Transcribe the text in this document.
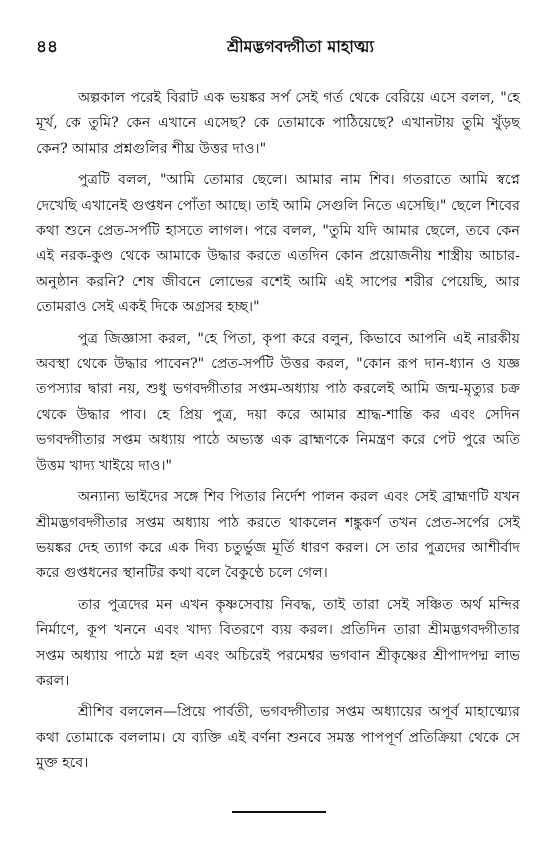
৪৪	শ্রীমদ্ভগবদ্গীতা মাহাত্ম্য

অল্পকাল পরেই বিরাট এক ভয়ঙ্কর সর্প সেই গর্ত থেকে বেরিয়ে এসে বলল, "হে মূর্খ, কে তুমি? কেন এখানে এসেছ? কে তোমাকে পাঠিয়েছে? এখানটায় তুমি খুঁড়ছ কেন? আমার প্রশ্নগুলির শীঘ্র উত্তর দাও।"

পুত্রটি বলল, "আমি তোমার ছেলে। আমার নাম শিব। গতরাতে আমি স্বপ্নে দেখেছি এখানেই গুপ্তধন পোঁতা আছে। তাই আমি সেগুলি নিতে এসেছি।" ছেলে শিবের কথা শুনে প্রেত-সর্পটি হাসতে লাগল। পরে বলল, "তুমি যদি আমার ছেলে, তবে কেন এই নরক-কুণ্ড থেকে আমাকে উদ্ধার করতে এতদিন কোন প্রয়োজনীয় শাস্ত্রীয় আচার-অনুষ্ঠান করনি? শেষ জীবনে লোভের বশেই আমি এই সাপের শরীর পেয়েছি, আর তোমরাও সেই একই দিকে অগ্রসর হচ্ছ।"

পুত্র জিজ্ঞাসা করল, "হে পিতা, কৃপা করে বলুন, কিভাবে আপনি এই নারকীয় অবস্থা থেকে উদ্ধার পাবেন?" প্রেত-সর্পটি উত্তর করল, "কোন রূপ দান-ধ্যান ও যজ্ঞ তপস্যার দ্বারা নয়, শুধু ভগবদ্গীতার সপ্তম-অধ্যায় পাঠ করলেই আমি জন্ম-মৃত্যুর চক্র থেকে উদ্ধার পাব। হে প্রিয় পুত্র, দয়া করে আমার শ্রাদ্ধ-শান্তি কর এবং সেদিন ভগবদ্গীতার সপ্তম অধ্যায় পাঠে অভ্যস্ত এক ব্রাহ্মণকে নিমন্ত্রণ করে পেট পুরে অতি উত্তম খাদ্য খাইয়ে দাও।"

অন্যান্য ভাইদের সঙ্গে শিব পিতার নির্দেশ পালন করল এবং সেই ব্রাহ্মণটি যখন শ্রীমদ্ভগবদ্গীতার সপ্তম অধ্যায় পাঠ করতে থাকলেন শঙ্কুকর্ণ তখন প্রেত-সর্পের সেই ভয়ঙ্কর দেহ ত্যাগ করে এক দিব্য চতুর্ভুজ মূর্তি ধারণ করল। সে তার পুত্রদের আশীর্বাদ করে গুপ্তধনের স্থানটির কথা বলে বৈকুণ্ঠে চলে গেল।

তার পুত্রদের মন এখন কৃষ্ণসেবায় নিবদ্ধ, তাই তারা সেই সঞ্চিত অর্থ মন্দির নির্মাণে, কূপ খননে এবং খাদ্য বিতরণে ব্যয় করল। প্রতিদিন তারা শ্রীমদ্ভগবদ্গীতার সপ্তম অধ্যায় পাঠে মগ্ন হল এবং অচিরেই পরমেশ্বর ভগবান শ্রীকৃষ্ণের শ্রীপাদপদ্ম লাভ করল।

শ্রীশিব বললেন—প্রিয়ে পার্বতী, ভগবদ্গীতার সপ্তম অধ্যায়ের অপূর্ব মাহাত্ম্যের কথা তোমাকে বললাম। যে ব্যক্তি এই বর্ণনা শুনবে সমস্ত পাপপূর্ণ প্রতিক্রিয়া থেকে সে মুক্ত হবে।
